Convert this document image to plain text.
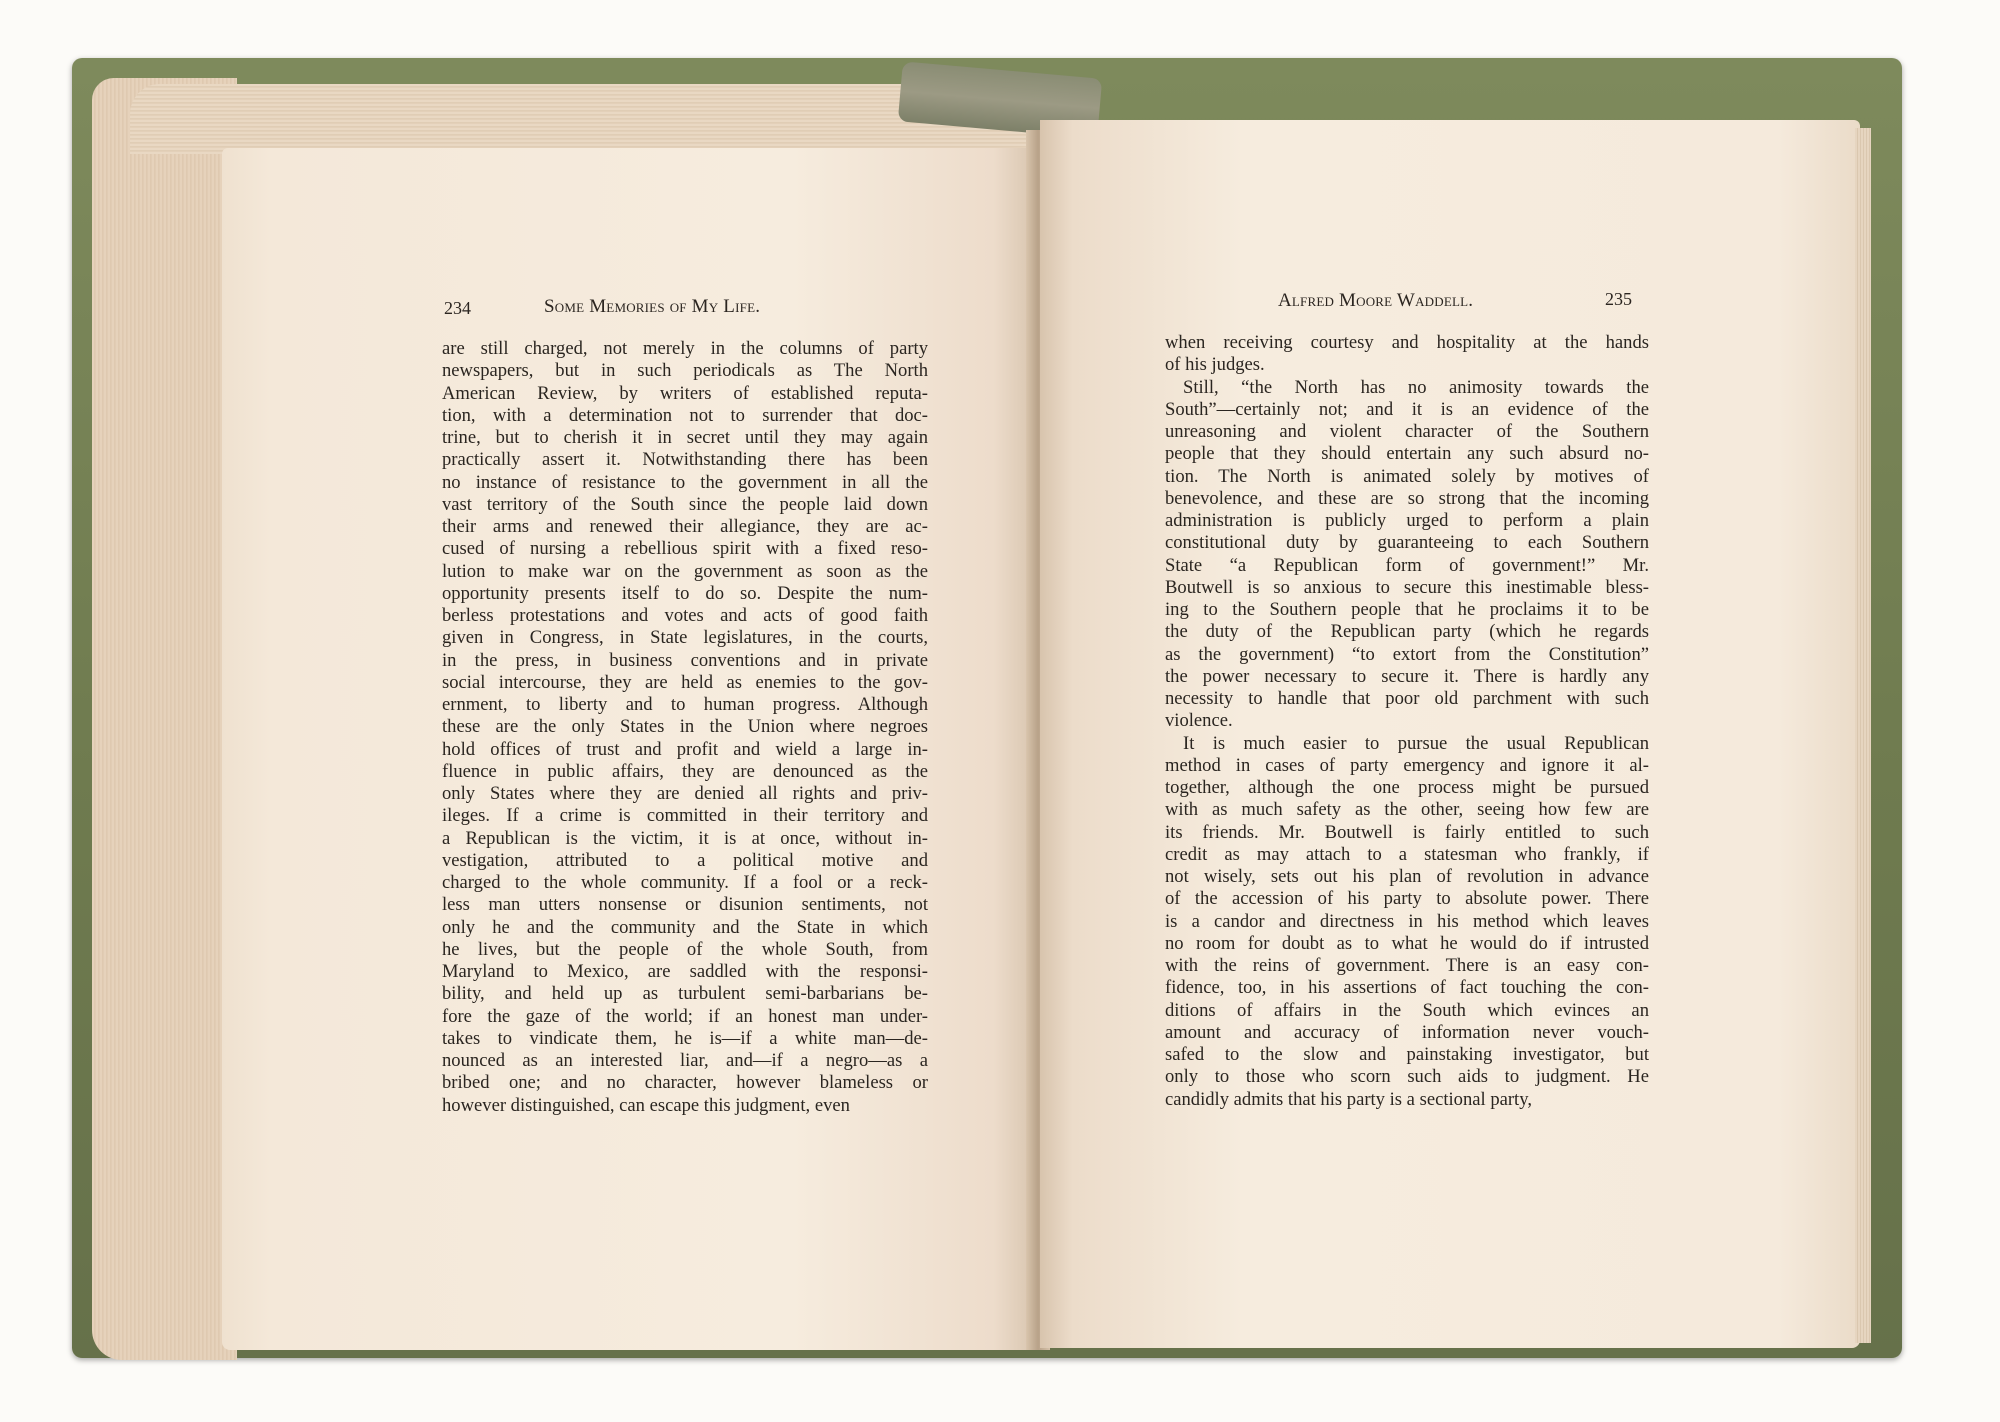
234	Some Memories of My Life.
are still charged, not merely in the columns of party
newspapers, but in such periodicals as The North
American Review, by writers of established reputa-
tion, with a determination not to surrender that doc-
trine, but to cherish it in secret until they may again
practically assert it. Notwithstanding there has been
no instance of resistance to the government in all the
vast territory of the South since the people laid down
their arms and renewed their allegiance, they are ac-
cused of nursing a rebellious spirit with a fixed reso-
lution to make war on the government as soon as the
opportunity presents itself to do so. Despite the num-
berless protestations and votes and acts of good faith
given in Congress, in State legislatures, in the courts,
in the press, in business conventions and in private
social intercourse, they are held as enemies to the gov-
ernment, to liberty and to human progress. Although
these are the only States in the Union where negroes
hold offices of trust and profit and wield a large in-
fluence in public affairs, they are denounced as the
only States where they are denied all rights and priv-
ileges. If a crime is committed in their territory and
a Republican is the victim, it is at once, without in-
vestigation, attributed to a political motive and
charged to the whole community. If a fool or a reck-
less man utters nonsense or disunion sentiments, not
only he and the community and the State in which
he lives, but the people of the whole South, from
Maryland to Mexico, are saddled with the responsi-
bility, and held up as turbulent semi-barbarians be-
fore the gaze of the world; if an honest man under-
takes to vindicate them, he is—if a white man—de-
nounced as an interested liar, and—if a negro—as a
bribed one; and no character, however blameless or
however distinguished, can escape this judgment, even
Alfred Moore Waddell.	235
when receiving courtesy and hospitality at the hands
of his judges.
Still, “the North has no animosity towards the
South”—certainly not; and it is an evidence of the
unreasoning and violent character of the Southern
people that they should entertain any such absurd no-
tion. The North is animated solely by motives of
benevolence, and these are so strong that the incoming
administration is publicly urged to perform a plain
constitutional duty by guaranteeing to each Southern
State “a Republican form of government!” Mr.
Boutwell is so anxious to secure this inestimable bless-
ing to the Southern people that he proclaims it to be
the duty of the Republican party (which he regards
as the government) “to extort from the Constitution”
the power necessary to secure it. There is hardly any
necessity to handle that poor old parchment with such
violence.
It is much easier to pursue the usual Republican
method in cases of party emergency and ignore it al-
together, although the one process might be pursued
with as much safety as the other, seeing how few are
its friends. Mr. Boutwell is fairly entitled to such
credit as may attach to a statesman who frankly, if
not wisely, sets out his plan of revolution in advance
of the accession of his party to absolute power. There
is a candor and directness in his method which leaves
no room for doubt as to what he would do if intrusted
with the reins of government. There is an easy con-
fidence, too, in his assertions of fact touching the con-
ditions of affairs in the South which evinces an
amount and accuracy of information never vouch-
safed to the slow and painstaking investigator, but
only to those who scorn such aids to judgment. He
candidly admits that his party is a sectional party,
